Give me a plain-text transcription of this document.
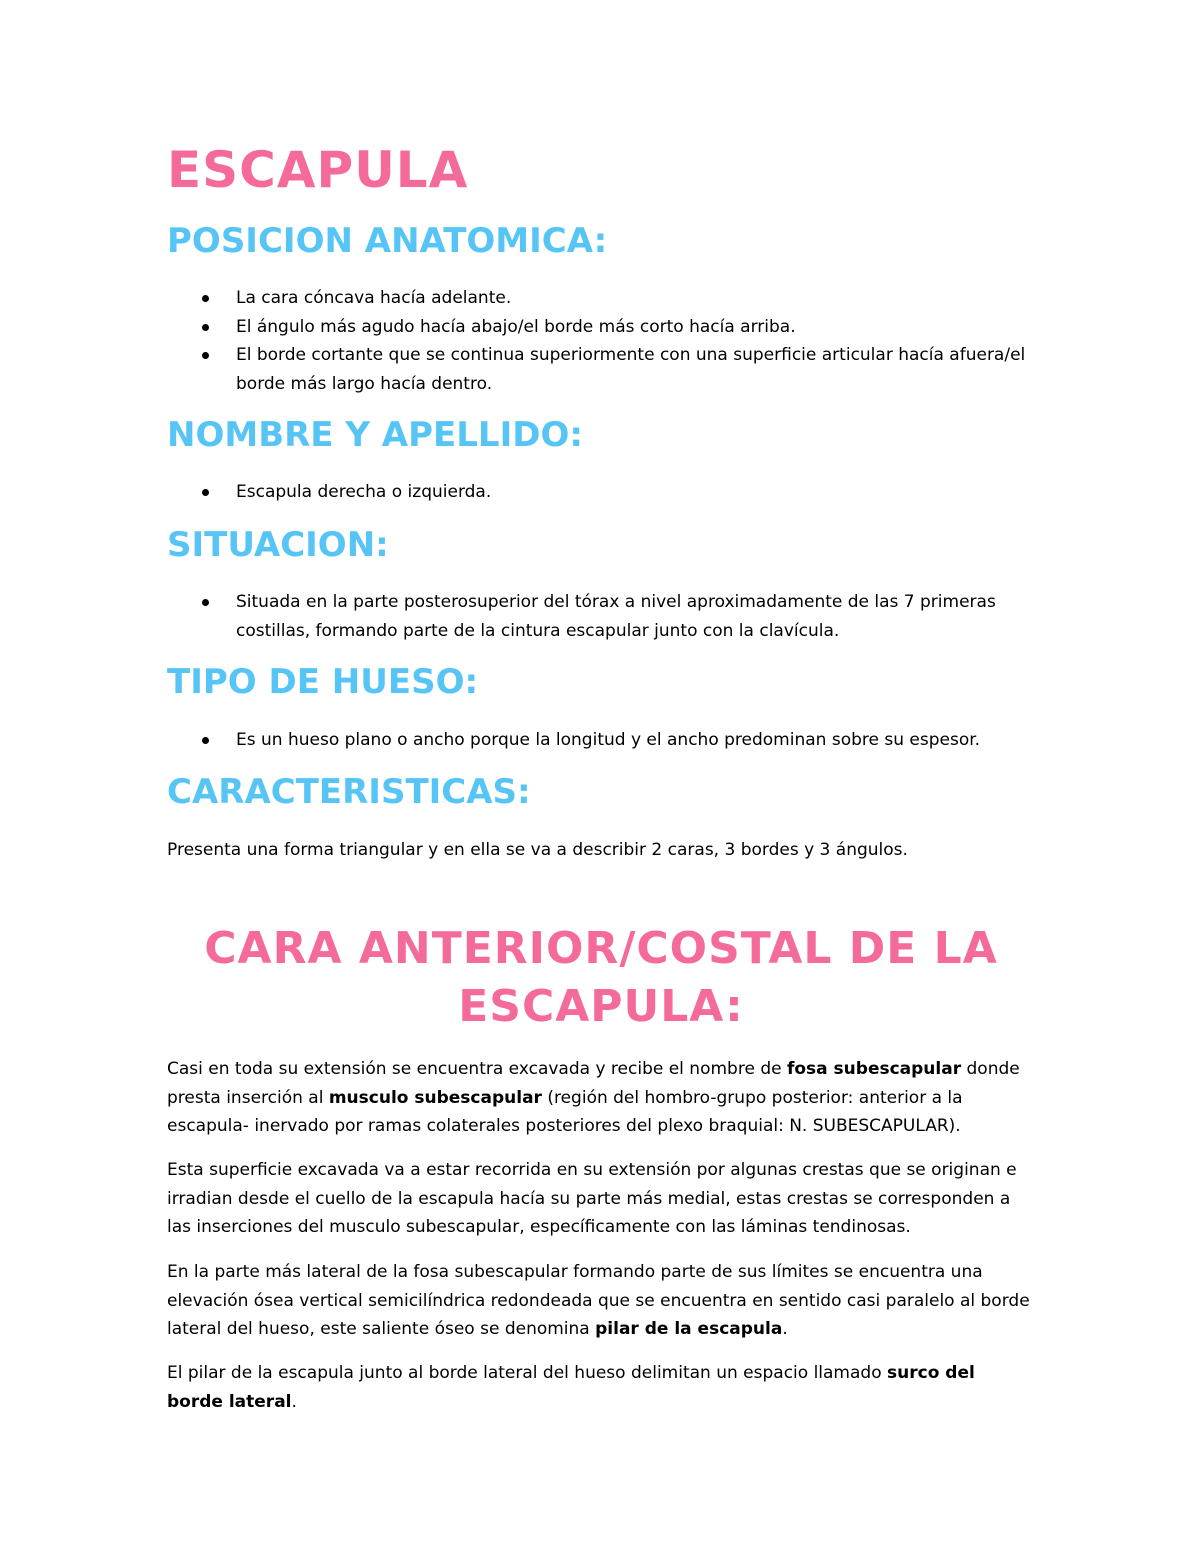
ESCAPULA
POSICION ANATOMICA:
La cara cóncava hacía adelante.
El ángulo más agudo hacía abajo/el borde más corto hacía arriba.
El borde cortante que se continua superiormente con una superficie articular hacía afuera/el borde más largo hacía dentro.
NOMBRE Y APELLIDO:
Escapula derecha o izquierda.
SITUACION:
Situada en la parte posterosuperior del tórax a nivel aproximadamente de las 7 primeras costillas, formando parte de la cintura escapular junto con la clavícula.
TIPO DE HUESO:
Es un hueso plano o ancho porque la longitud y el ancho predominan sobre su espesor.
CARACTERISTICAS:

Presenta una forma triangular y en ella se va a describir 2 caras, 3 bordes y 3 ángulos.

CARA ANTERIOR/COSTAL DE LA
ESCAPULA:

Casi en toda su extensión se encuentra excavada y recibe el nombre de fosa subescapular donde presta inserción al musculo subescapular (región del hombro-grupo posterior: anterior a la escapula- inervado por ramas colaterales posteriores del plexo braquial: N. SUBESCAPULAR).

Esta superficie excavada va a estar recorrida en su extensión por algunas crestas que se originan e irradian desde el cuello de la escapula hacía su parte más medial, estas crestas se corresponden a las inserciones del musculo subescapular, específicamente con las láminas tendinosas.

En la parte más lateral de la fosa subescapular formando parte de sus límites se encuentra una elevación ósea vertical semicilíndrica redondeada que se encuentra en sentido casi paralelo al borde lateral del hueso, este saliente óseo se denomina pilar de la escapula.

El pilar de la escapula junto al borde lateral del hueso delimitan un espacio llamado surco del borde lateral.
